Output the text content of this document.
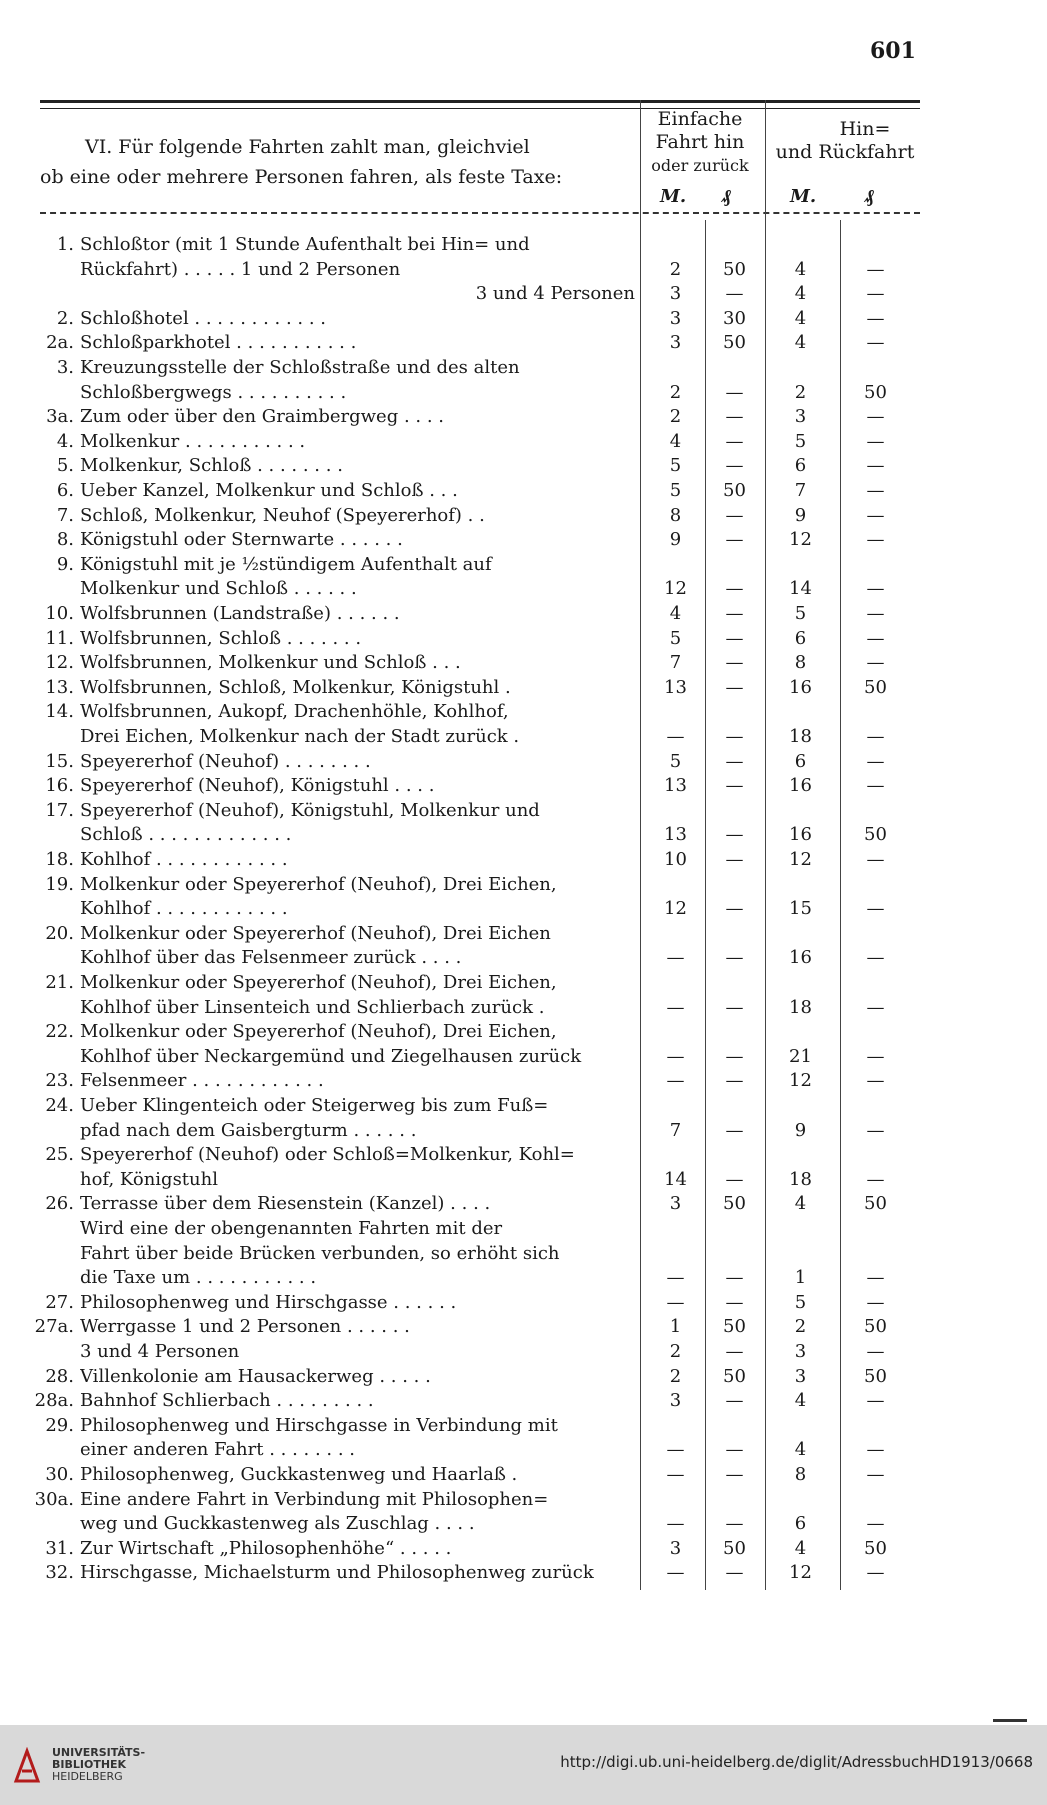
601
VI. Für folgende Fahrten zahlt man, gleichviel
ob eine oder mehrere Personen fahren, als feste Taxe:
Einfache
Fahrt hin
oder zurück
Hin=
und Rückfahrt
M. ₰	M.	₰
1. Schloßtor (mit 1 Stunde Aufenthalt bei Hin= und
Rückfahrt) . . . . . 1 und 2 Personen	2	50	4	—
3 und 4 Personen	3	—	4	—
2. Schloßhotel . . . . . . . . . . . .	3	30	4	—
2a. Schloßparkhotel . . . . . . . . . . .	3	50	4	—
3. Kreuzungsstelle der Schloßstraße und des alten
Schloßbergwegs . . . . . . . . . .	2	—	2	50
3a. Zum oder über den Graimbergweg . . . .	2	—	3	—
4. Molkenkur . . . . . . . . . . .	4	—	5	—
5. Molkenkur, Schloß . . . . . . . .	5	—	6	—
6. Ueber Kanzel, Molkenkur und Schloß . . .	5	50	7	—
7. Schloß, Molkenkur, Neuhof (Speyererhof) . .	8	—	9	—
8. Königstuhl oder Sternwarte . . . . . .	9	—	12	—
9. Königstuhl mit je ½stündigem Aufenthalt auf
Molkenkur und Schloß . . . . . .	12	—	14	—
10. Wolfsbrunnen (Landstraße) . . . . . .	4	—	5	—
11. Wolfsbrunnen, Schloß . . . . . . .	5	—	6	—
12. Wolfsbrunnen, Molkenkur und Schloß . . .	7	—	8	—
13. Wolfsbrunnen, Schloß, Molkenkur, Königstuhl .	13	—	16	50
14. Wolfsbrunnen, Aukopf, Drachenhöhle, Kohlhof,
Drei Eichen, Molkenkur nach der Stadt zurück .	—	—	18	—
15. Speyererhof (Neuhof) . . . . . . . .	5	—	6	—
16. Speyererhof (Neuhof), Königstuhl . . . .	13	—	16	—
17. Speyererhof (Neuhof), Königstuhl, Molkenkur und
Schloß . . . . . . . . . . . . .	13	—	16	50
18. Kohlhof . . . . . . . . . . . .	10	—	12	—
19. Molkenkur oder Speyererhof (Neuhof), Drei Eichen,
Kohlhof . . . . . . . . . . . .	12	—	15	—
20. Molkenkur oder Speyererhof (Neuhof), Drei Eichen
Kohlhof über das Felsenmeer zurück . . . .	—	—	16	—
21. Molkenkur oder Speyererhof (Neuhof), Drei Eichen,
Kohlhof über Linsenteich und Schlierbach zurück .	—	—	18	—
22. Molkenkur oder Speyererhof (Neuhof), Drei Eichen,
Kohlhof über Neckargemünd und Ziegelhausen zurück	—	—	21	—
23. Felsenmeer . . . . . . . . . . . .	—	—	12	—
24. Ueber Klingenteich oder Steigerweg bis zum Fuß=
pfad nach dem Gaisbergturm . . . . . .	7	—	9	—
25. Speyererhof (Neuhof) oder Schloß=Molkenkur, Kohl=
hof, Königstuhl	14	—	18	—
26. Terrasse über dem Riesenstein (Kanzel) . . . .	3	50	4	50
Wird eine der obengenannten Fahrten mit der
Fahrt über beide Brücken verbunden, so erhöht sich
die Taxe um . . . . . . . . . . .	—	—	1	—
27. Philosophenweg und Hirschgasse . . . . . .	—	—	5	—
27a. Werrgasse 1 und 2 Personen . . . . . .	1	50	2	50
3 und 4 Personen	2	—	3	—
28. Villenkolonie am Hausackerweg . . . . .	2	50	3	50
28a. Bahnhof Schlierbach . . . . . . . . .	3	—	4	—
29. Philosophenweg und Hirschgasse in Verbindung mit
einer anderen Fahrt . . . . . . . .	—	—	4	—
30. Philosophenweg, Guckkastenweg und Haarlaß .	—	—	8	—
30a. Eine andere Fahrt in Verbindung mit Philosophen=
weg und Guckkastenweg als Zuschlag . . . .	—	—	6	—
31. Zur Wirtschaft „Philosophenhöhe“ . . . . .	3	50	4	50
32. Hirschgasse, Michaelsturm und Philosophenweg zurück	—	—	12	—
UNIVERSITÄTS-
BIBLIOTHEK
HEIDELBERG
http://digi.ub.uni-heidelberg.de/diglit/AdressbuchHD1913/0668
